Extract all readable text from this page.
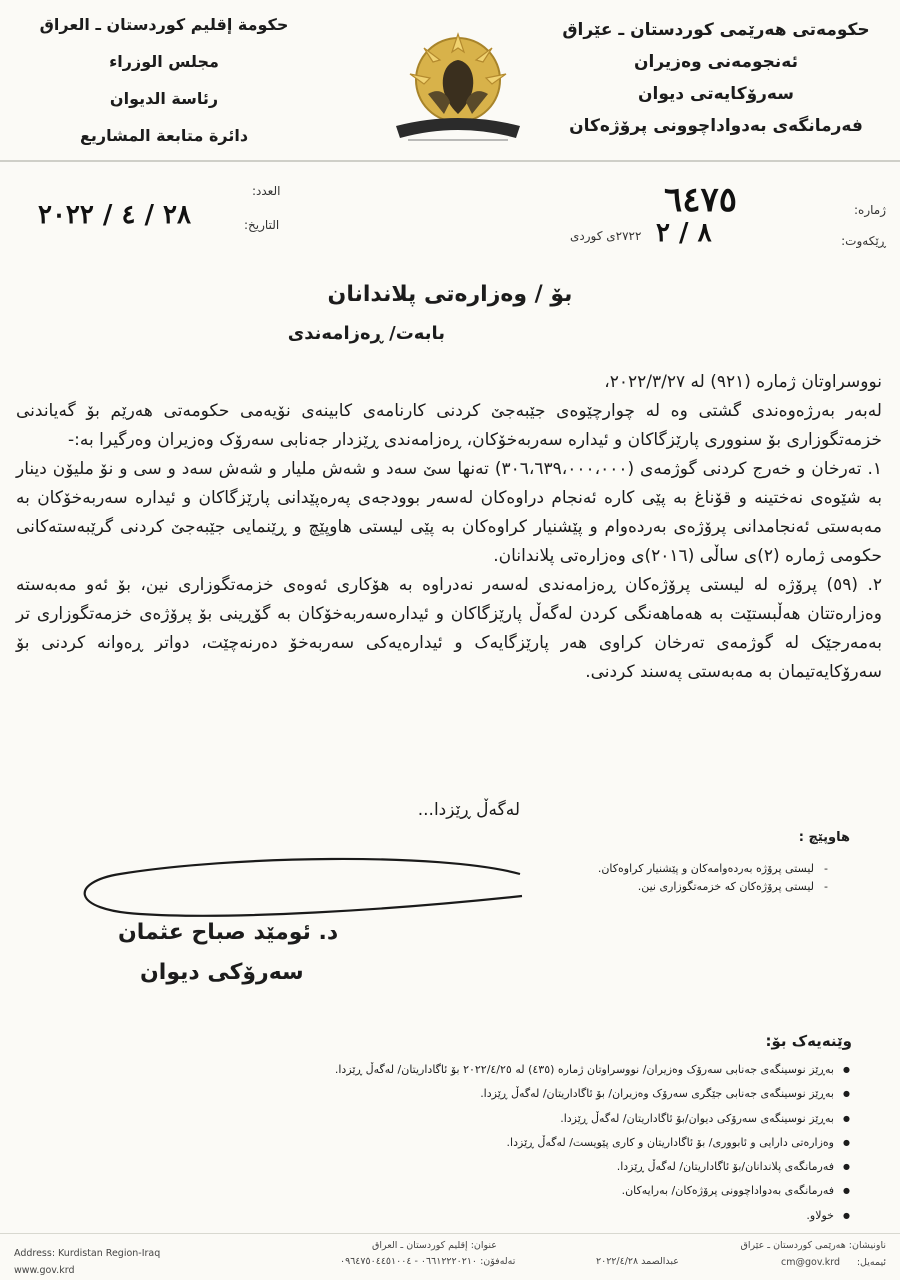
حکومەتی هەرێمی کوردستان ـ عێراق
ئەنجومەنی وەزیران
سەرۆکایەتی دیوان
فەرمانگەی بەدواداچوونی پرۆژەکان
حكومة إقليم كوردستان ـ العراق
مجلس الوزراء
رئاسة الديوان
دائرة متابعة المشاريع
ژمارە:
٦٤٧٥
ڕێکەوت:
٨ / ٢
٢٧٢٢ی کوردی
العدد:
التاريخ:
٢٨ / ٤ / ٢٠٢٢
بۆ / وەزارەتی پلاندانان
بابەت/ ڕەزامەندی

نووسراوتان ژمارە (٩٢١) لە ٢٠٢٢/٣/٢٧،

لەبەر بەرژەوەندی گشتی وە لە چوارچێوەی جێبەجێ کردنی کارنامەی کابینەی نۆیەمی حکومەتی هەرێم بۆ گەیاندنی خزمەتگوزاری بۆ سنووری پارێزگاکان و ئیدارە سەربەخۆکان، ڕەزامەندی ڕێزدار جەنابی سەرۆک وەزیران وەرگیرا بە:-

١. تەرخان و خەرج کردنی گوژمەی (٣٠٦،٦٣٩،٠٠٠،٠٠٠) تەنها سێ سەد و شەش ملیار و شەش سەد و سی و نۆ ملیۆن دینار بە شێوەی نەختینە و قۆناغ بە پێی کارە ئەنجام دراوەکان لەسەر بوودجەی پەرەپێدانی پارێزگاکان و ئیدارە سەربەخۆکان بە مەبەستی ئەنجامدانی پرۆژەی بەردەوام و پێشنیار کراوەکان بە پێی لیستی هاوپێچ و ڕێنمایی جێبەجێ کردنی گرێبەستەکانی حکومی ژمارە (٢)ی ساڵی (٢٠١٦)ی وەزارەتی پلاندانان.

٢. (٥٩) پرۆژە لە لیستی پرۆژەکان ڕەزامەندی لەسەر نەدراوە بە هۆکاری ئەوەی خزمەتگوزاری نین، بۆ ئەو مەبەستە وەزارەتتان هەڵبستێت بە هەماهەنگی کردن لەگەڵ پارێزگاکان و ئیدارەسەربەخۆکان بە گۆڕینی بۆ پرۆژەی خزمەتگوزاری تر بەمەرجێک لە گوژمەی تەرخان کراوی هەر پارێزگایەک و ئیدارەیەکی سەربەخۆ دەرنەچێت، دواتر ڕەوانە کردنی بۆ سەرۆکایەتیمان بە مەبەستی پەسند کردنی.

لەگەڵ ڕێزدا...
هاوپێچ :
لیستی پرۆژە بەردەوامەکان و پێشنیار کراوەکان.
لیستی پرۆژەکان کە خزمەتگوزاری نین.
-
-
د. ئومێد صباح عثمان
سەرۆکی دیوان
وێنەیەک بۆ:
● بەڕێز نوسینگەی جەنابی سەرۆک وەزیران/ نووسراوتان ژمارە (٤٣٥) لە ٢٠٢٢/٤/٢٥ بۆ ئاگاداریتان/ لەگەڵ ڕێزدا.
● بەڕێز نوسینگەی جەنابی جێگری سەرۆک وەزیران/ بۆ ئاگاداریتان/ لەگەڵ ڕێزدا.
● بەڕێز نوسینگەی سەرۆکی دیوان/بۆ ئاگاداریتان/ لەگەڵ ڕێزدا.
● وەزارەتی دارایی و ئابووری/ بۆ ئاگاداریتان و کاری پێویست/ لەگەڵ ڕێزدا.
● فەرمانگەی پلاندانان/بۆ ئاگاداریتان/ لەگەڵ ڕێزدا.
● فەرمانگەی بەدواداچوونی پرۆژەکان/ بەرایەکان.
● خولاو.
Address: Kurdistan Region-Iraq
www.gov.krd
عنوان: إقليم كوردستان ـ العراق
تەلەفۆن: ٠٦٦١٢٢٢٠٢١٠ - ٠٩٦٤٧٥٠٤٤٥١٠٠٤	عبدالصمد ٢٠٢٢/٤/٢٨
ناونیشان: هەرێمی کوردستان ـ عێراق
ئیمەیل:
cm@gov.krd
